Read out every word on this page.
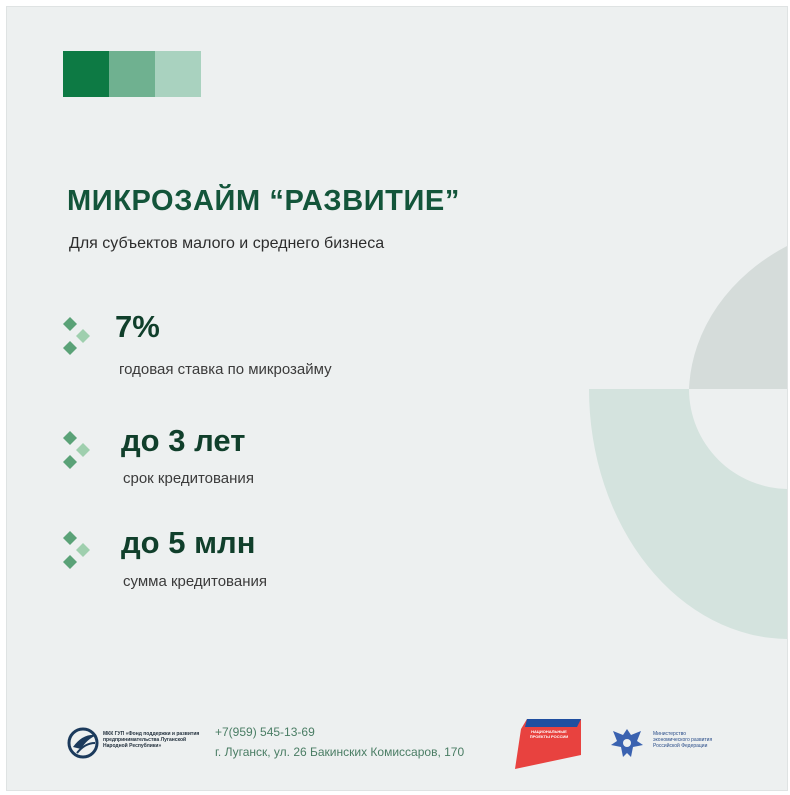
МИКРОЗАЙМ “РАЗВИТИЕ”
Для субъектов малого и среднего бизнеса
7%
годовая ставка по микрозайму
до 3 лет
срок кредитования
до 5 млн
сумма кредитования
МКК ГУП «Фонд поддержки и развития предпринимательства Луганской Народной Республики»
+7(959) 545-13-69
г. Луганск, ул. 26 Бакинских Комиссаров, 170
НАЦИОНАЛЬНЫЕ ПРОЕКТЫ РОССИИ	Министерство экономического развития Российской Федерации
